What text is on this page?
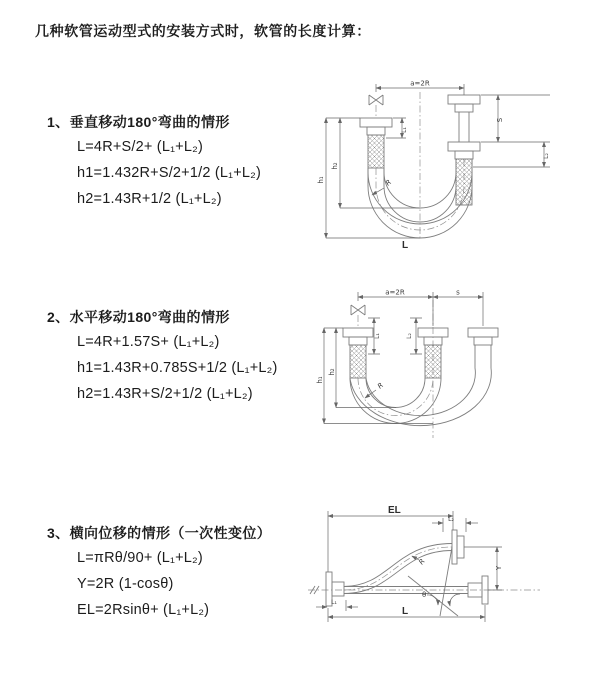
几种软管运动型式的安装方式时，软管的长度计算：
1、垂直移动180°弯曲的情形
L=4R+S/2+ (L₁+L₂)
h1=1.432R+S/2+1/2 (L₁+L₂)
h2=1.43R+1/2 (L₁+L₂)
2、水平移动180°弯曲的情形
L=4R+1.57S+ (L₁+L₂)
h1=1.43R+0.785S+1/2 (L₁+L₂)
h2=1.43R+S/2+1/2 (L₁+L₂)
3、横向位移的情形（一次性变位）
L=πRθ/90+ (L₁+L₂)
Y=2R (1-cosθ)
EL=2Rsinθ+ (L₁+L₂)
a=2R
L₁
S
L₂
h₁
h₂
R
L
a=2R	s
L₁	L₂
h₁
h₂
R
EL
L₂
Y
R
θ
L
L₁
